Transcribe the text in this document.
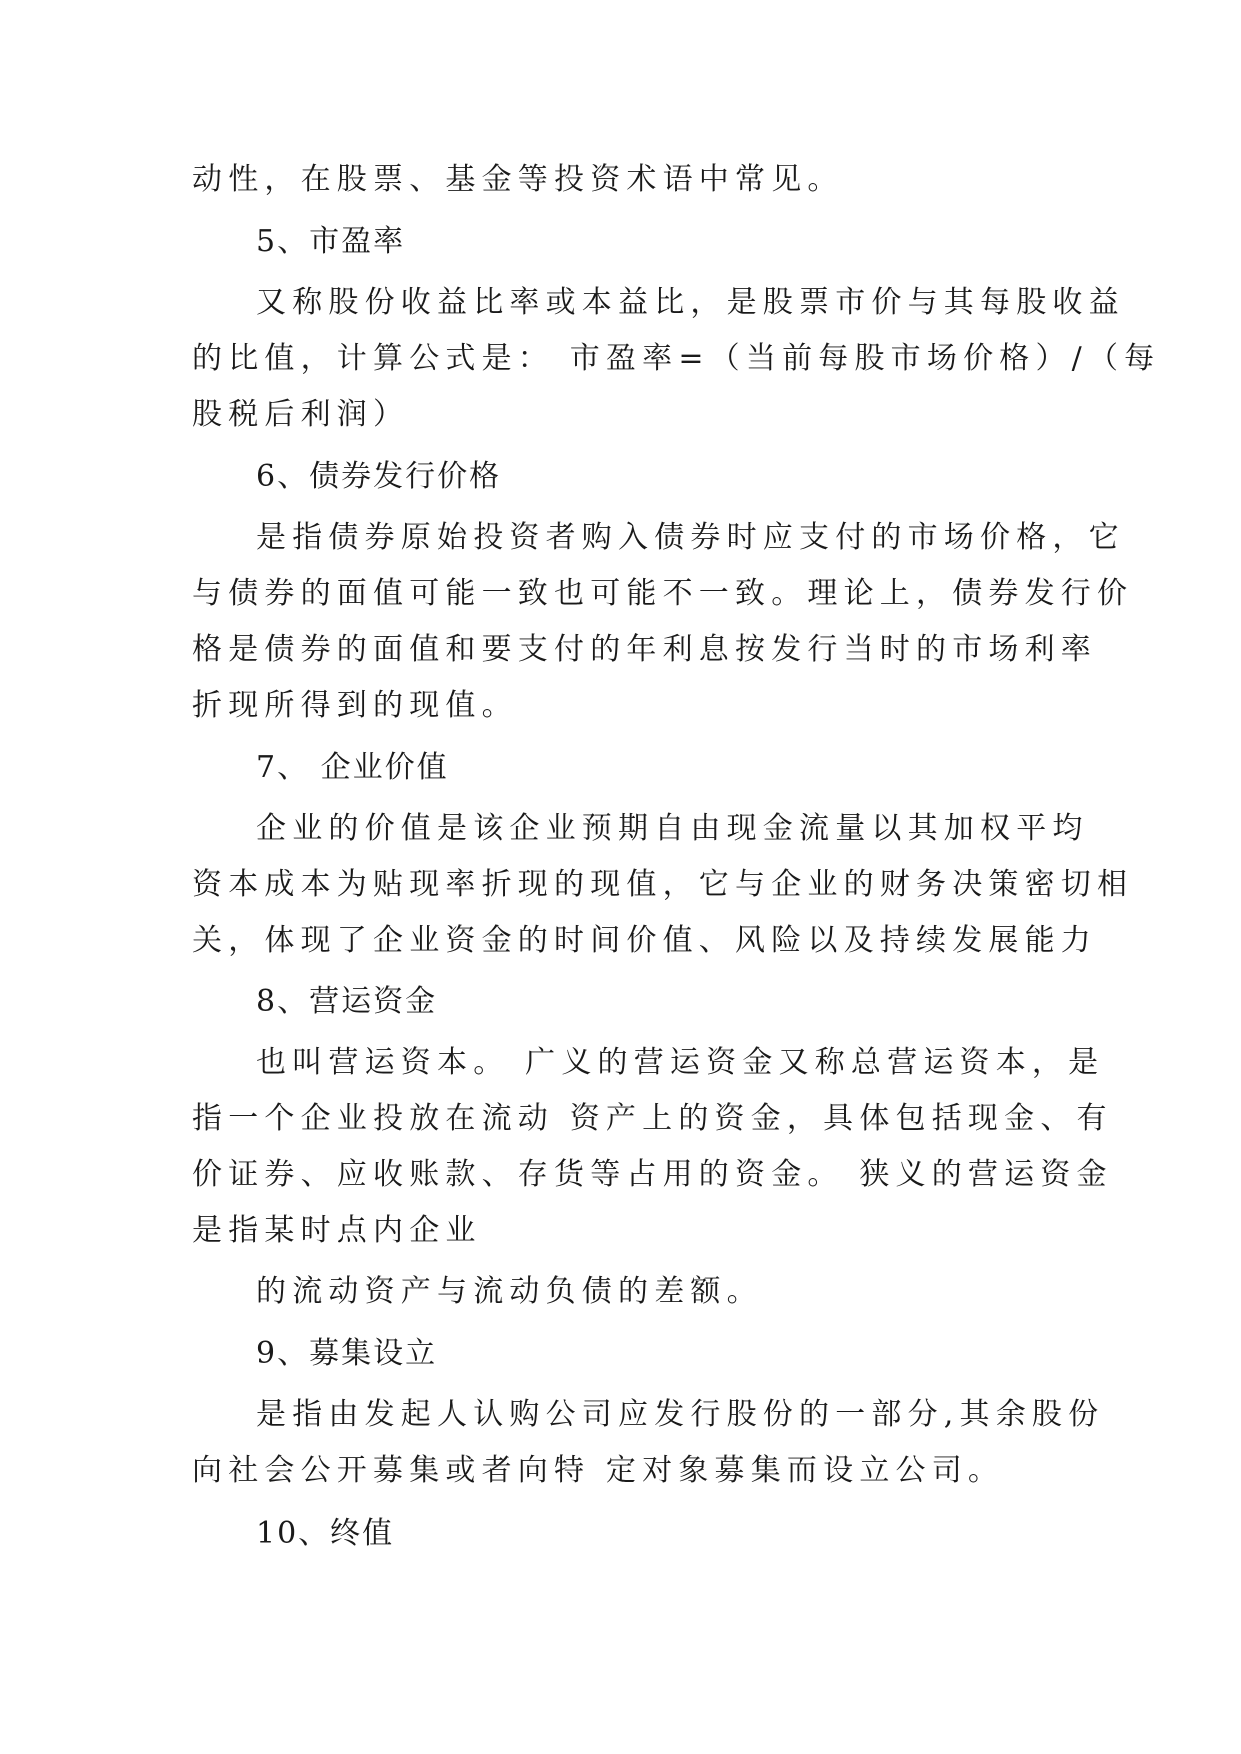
动性，在股票、基金等投资术语中常见。
5、市盈率
又称股份收益比率或本益比，是股票市价与其每股收益
的比值，计算公式是： 市盈率=（当前每股市场价格）/（每
股税后利润）
6、债券发行价格
是指债券原始投资者购入债券时应支付的市场价格，它
与债券的面值可能一致也可能不一致。理论上，债券发行价
格是债券的面值和要支付的年利息按发行当时的市场利率
折现所得到的现值。
7、 企业价值
企业的价值是该企业预期自由现金流量以其加权平均
资本成本为贴现率折现的现值，它与企业的财务决策密切相
关，体现了企业资金的时间价值、风险以及持续发展能力
8、营运资金
也叫营运资本。 广义的营运资金又称总营运资本，是
指一个企业投放在流动 资产上的资金，具体包括现金、有
价证券、应收账款、存货等占用的资金。 狭义的营运资金
是指某时点内企业
的流动资产与流动负债的差额。
9、募集设立
是指由发起人认购公司应发行股份的一部分,其余股份
向社会公开募集或者向特 定对象募集而设立公司。
10、终值
